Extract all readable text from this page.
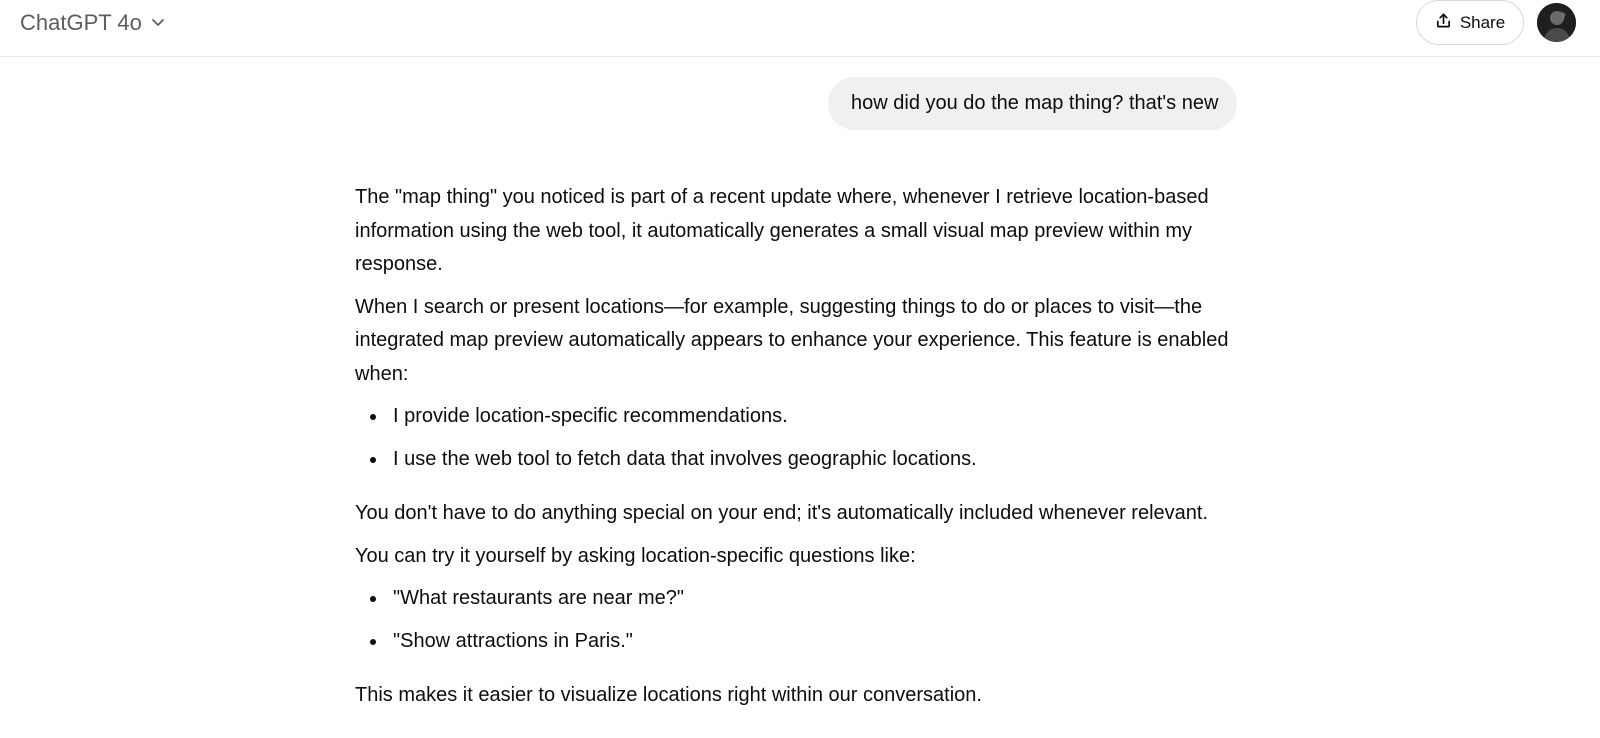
ChatGPT 4o	Share
how did you do the map thing? that's new

The "map thing" you noticed is part of a recent update where, whenever I retrieve location-based information using the web tool, it automatically generates a small visual map preview within my response.

When I search or present locations—for example, suggesting things to do or places to visit—the integrated map preview automatically appears to enhance your experience. This feature is enabled when:

I provide location-specific recommendations.
I use the web tool to fetch data that involves geographic locations.

You don't have to do anything special on your end; it's automatically included whenever relevant.

You can try it yourself by asking location-specific questions like:

"What restaurants are near me?"
"Show attractions in Paris."

This makes it easier to visualize locations right within our conversation.
